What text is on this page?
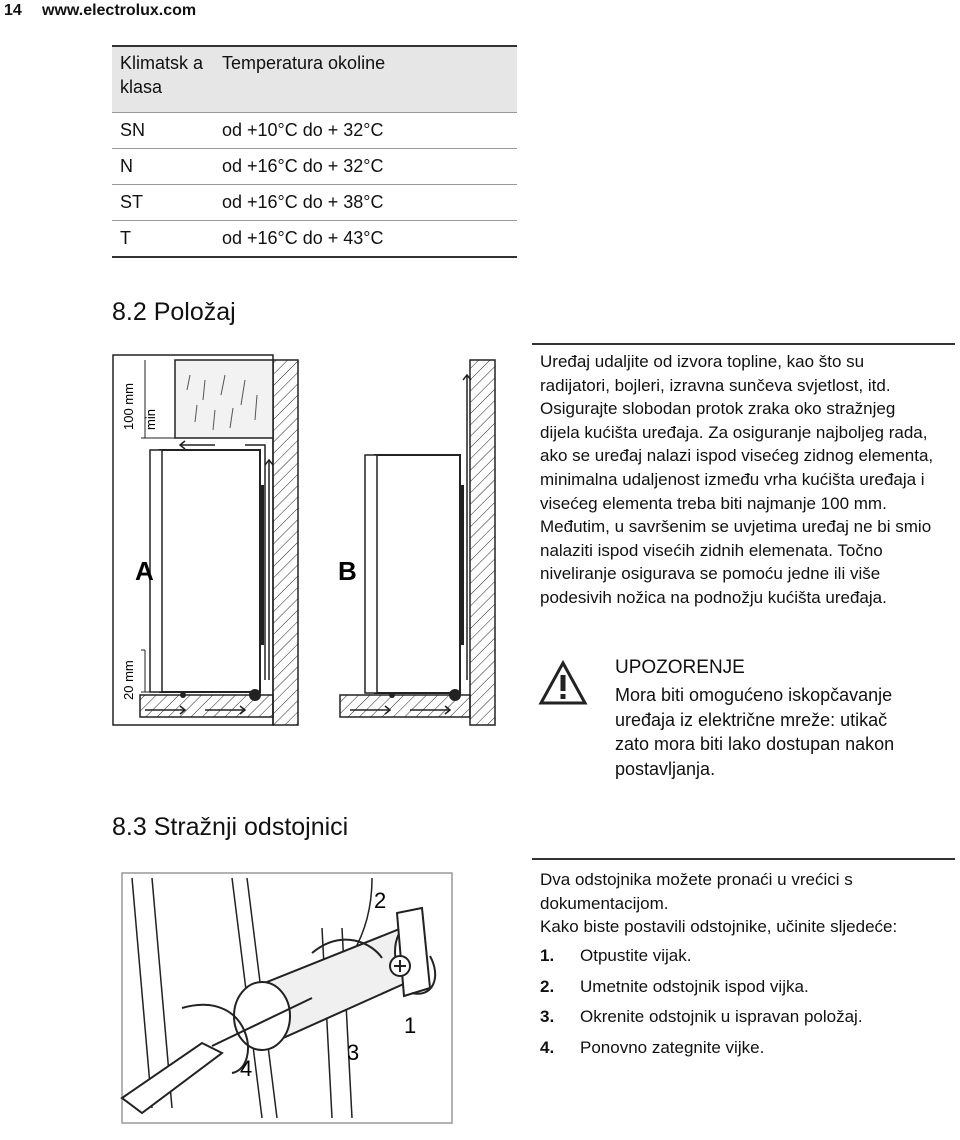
14 www.electrolux.com
Klimatsk a klasa	Temperatura okoline
SN	od +10°C do + 32°C
N	od +16°C do + 32°C
ST	od +16°C do + 38°C
T	od +16°C do + 43°C
8.2 Položaj
100 mm min
20 mm
A	B
Uređaj udaljite od izvora topline, kao što su radijatori, bojleri, izravna sunčeva svjetlost, itd. Osigurajte slobodan protok zraka oko stražnjeg dijela kućišta uređaja. Za osiguranje najboljeg rada, ako se uređaj nalazi ispod visećeg zidnog elementa, minimalna udaljenost između vrha kućišta uređaja i visećeg elementa treba biti najmanje 100 mm. Međutim, u savršenim se uvjetima uređaj ne bi smio nalaziti ispod visećih zidnih elemenata. Točno niveliranje osigurava se pomoću jedne ili više podesivih nožica na podnožju kućišta uređaja.
UPOZORENJE
Mora biti omogućeno iskopčavanje uređaja iz električne mreže: utikač zato mora biti lako dostupan nakon postavljanja.
8.3 Stražnji odstojnici
2
1
3
4
Dva odstojnika možete pronaći u vrećici s dokumentacijom.
Kako biste postavili odstojnike, učinite sljedeće:
1.	Otpustite vijak.
2.	Umetnite odstojnik ispod vijka.
3.	Okrenite odstojnik u ispravan položaj.
4.	Ponovno zategnite vijke.
